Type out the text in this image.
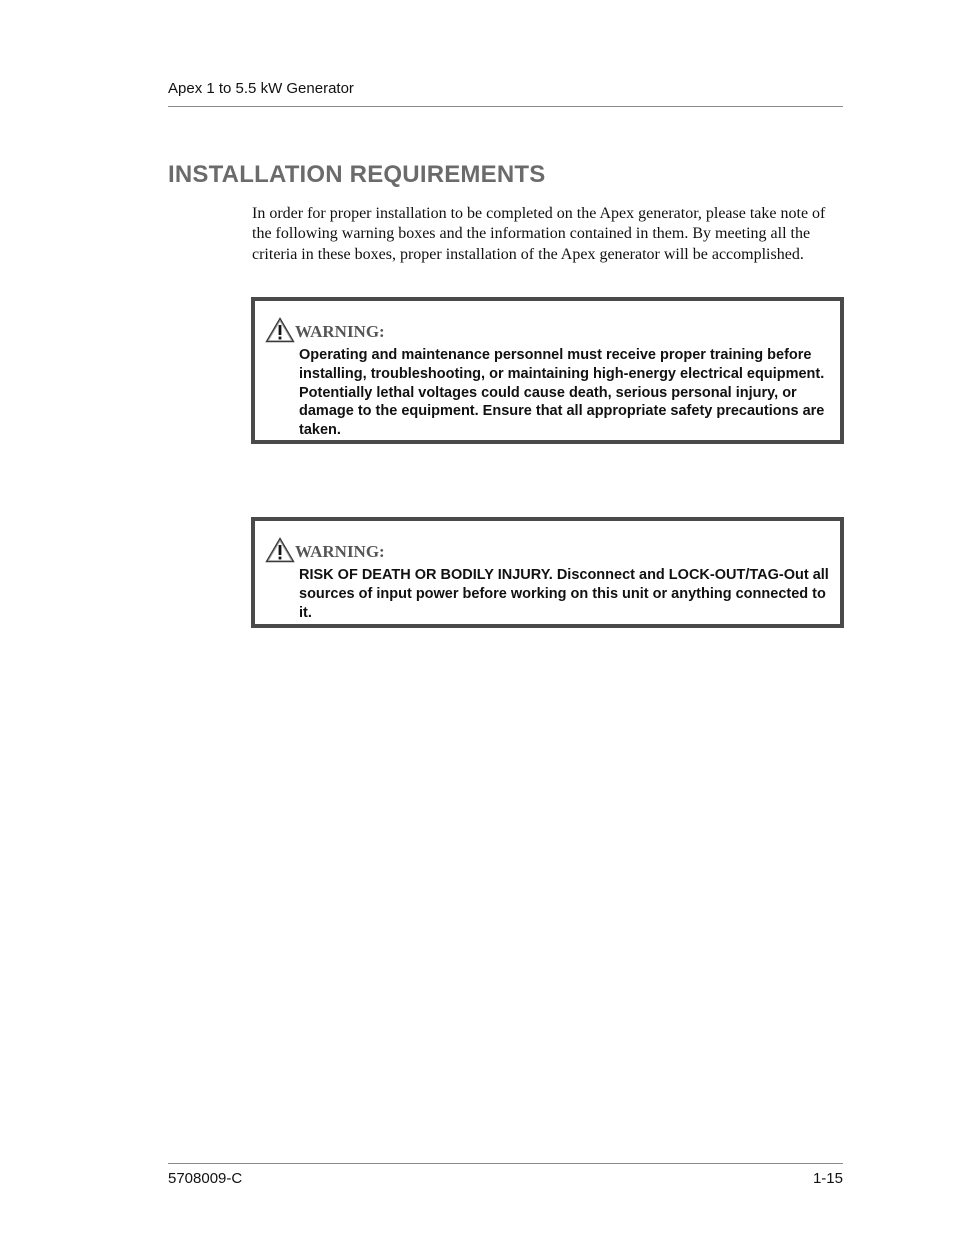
Apex 1 to 5.5 kW Generator
INSTALLATION REQUIREMENTS

In order for proper installation to be completed on the Apex generator, please take note of the following warning boxes and the information contained in them. By meeting all the criteria in these boxes, proper installation of the Apex generator will be accomplished.

WARNING:

Operating and maintenance personnel must receive proper training before installing, troubleshooting, or maintaining high-energy electrical equipment. Potentially lethal voltages could cause death, serious personal injury, or damage to the equipment. Ensure that all appropriate safety precautions are taken.

WARNING:

RISK OF DEATH OR BODILY INJURY. Disconnect and LOCK-OUT/TAG-Out all sources of input power before working on this unit or anything connected to it.

5708009-C	1-15
